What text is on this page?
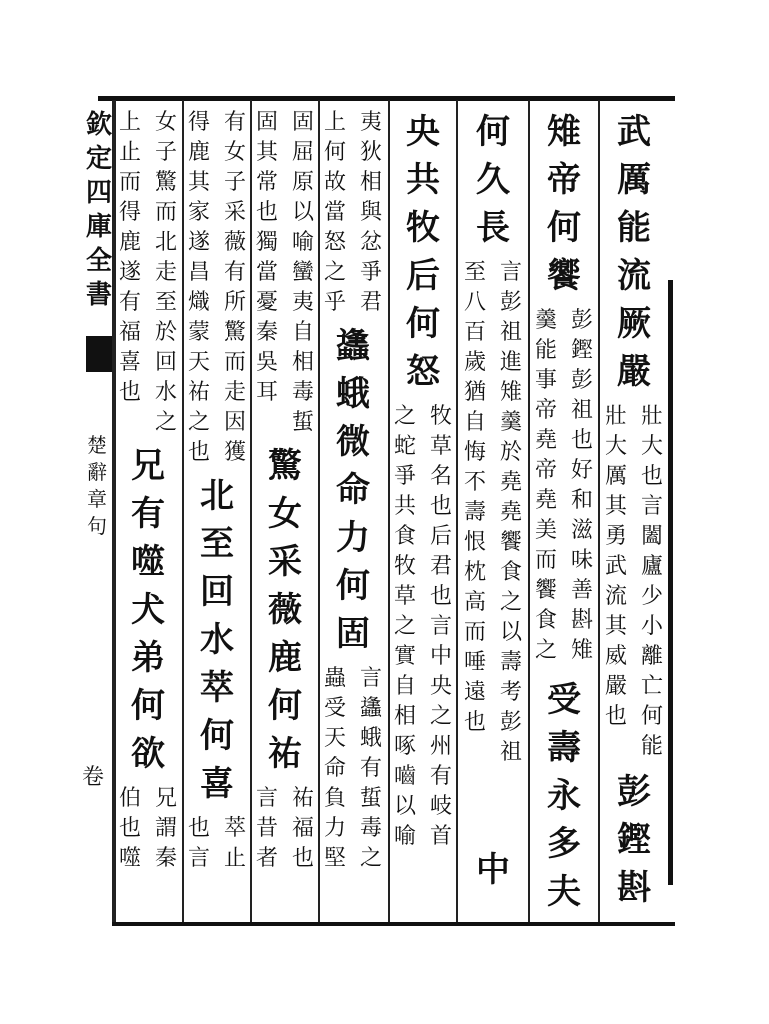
欽
定
四
庫
全
書
楚
辭
章
句
卷
武
厲
能
流
厥
嚴
壯
大
也
言
闔
廬
少
小
離
亡
何
能
壯
大
厲
其
勇
武
流
其
威
嚴
也
彭
鏗
斟
雉
帝
何
饗
彭
鏗
彭
祖
也
好
和
滋
味
善
斟
雉
羹
能
事
帝
堯
帝
堯
美
而
饗
食
之
受
壽
永
多
夫
何
久
長
言
彭
祖
進
雉
羹
於
堯
堯
饗
食
之
以
壽
考
彭
祖
至
八
百
歲
猶
自
悔
不
壽
恨
枕
高
而
唾
遠
也
中
央
共
牧
后
何
怒
牧
草
名
也
后
君
也
言
中
央
之
州
有
岐
首
之
蛇
爭
共
食
牧
草
之
實
自
相
啄
嚙
以
喻
夷
狄
相
與
忿
爭
君
上
何
故
當
怒
之
乎
蠭
蛾
微
命
力
何
固
言
蠭
蛾
有
蜇
毒
之
蟲
受
天
命
負
力
堅
固
屈
原
以
喻
蠻
夷
自
相
毒
蜇
固
其
常
也
獨
當
憂
秦
吳
耳
驚
女
采
薇
鹿
何
祐
祐
福
也
言
昔
者
有
女
子
采
薇
有
所
驚
而
走
因
獲
得
鹿
其
家
遂
昌
熾
蒙
天
祐
之
也
北
至
回
水
萃
何
喜
萃
止
也
言
女
子
驚
而
北
走
至
於
回
水
之
上
止
而
得
鹿
遂
有
福
喜
也
兄
有
噬
犬
弟
何
欲
兄
謂
秦
伯
也
噬
